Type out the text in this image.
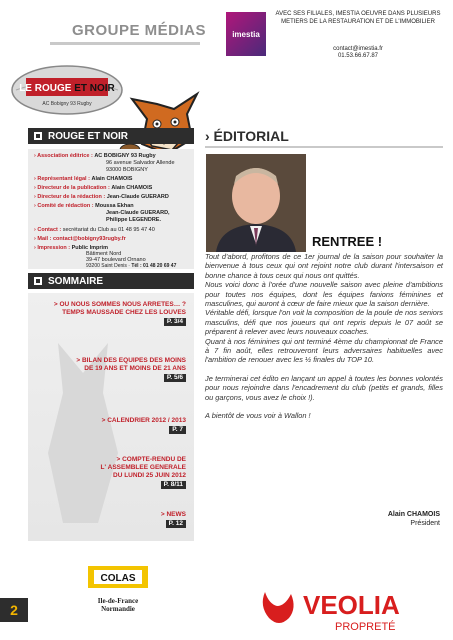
GROUPE MÉDIAS	imestia
AVEC SES FILIALES, IMESTIA OEUVRE DANS PLUSIEURS METIERS DE LA RESTAURATION ET DE L'IMMOBILIER
contact@imestia.fr
01.53.66.67.87
LE ROUGE ET NOIR
AC Bobigny 93 Rugby
ROUGE ET NOIR
› Association éditrice : AC BOBIGNY 93 Rugby
96 avenue Salvador Allende
93000 BOBIGNY
› Représentant légal : Alain CHAMOIS
› Directeur de la publication : Alain CHAMOIS
› Directeur de la rédaction : Jean-Claude GUERARD
› Comité de rédaction : Moussa Ekhan
Jean-Claude GUERARD,
Philippe LEGENDRE.
› Contact : secrétariat du Club au 01 48 95 47 40
› Mail : contact@bobigny93rugby.fr
› Impression : Public Imprim
Bâtiment Nord
39-47 boulevard Ornano
93200 Saint Denis · Tél : 01 48 20 69 47
SOMMAIRE
> OU NOUS SOMMES NOUS ARRETES… ?
TEMPS MAUSSADE CHEZ LES LOUVES
P. 3/4
> BILAN DES EQUIPES DES MOINS
DE 19 ANS ET MOINS DE 21 ANS
P. 5/6
> CALENDRIER 2012 / 2013
P. 7
> COMPTE-RENDU DE
L' ASSEMBLEE GENERALE
DU LUNDI 25 JUIN 2012
P. 8/11
> NEWS
P. 12
› ÉDITORIAL
RENTREE !

Tout d'abord, profitons de ce 1er journal de la saison pour souhaiter la bienvenue à tous ceux qui ont rejoint notre club durant l'intersaison et bonne chance à tous ceux qui nous ont quittés.

Nous voici donc à l'orée d'une nouvelle saison avec pleine d'ambitions pour toutes nos équipes, dont les équipes fanions féminines et masculines, qui auront à cœur de faire mieux que la saison dernière.

Véritable défi, lorsque l'on voit la composition de la poule de nos seniors masculins, défi que nos joueurs qui ont repris depuis le 07 août se préparent à relever avec leurs nouveaux coaches.

Quant à nos féminines qui ont terminé 4ème du championnat de France à 7 fin août, elles retrouveront leurs adversaires habituelles avec l'ambition de renouer avec les ½ finales du TOP 10.

Je terminerai cet édito en lançant un appel à toutes les bonnes volontés pour nous rejoindre dans l'encadrement du club (petits et grands, filles ou garçons, vous avez le choix !).

A bientôt de vous voir à Wallon !

Alain CHAMOIS
Président
2
COLAS
Ile-de-France
Normandie	VEOLIA
PROPRETÉ
